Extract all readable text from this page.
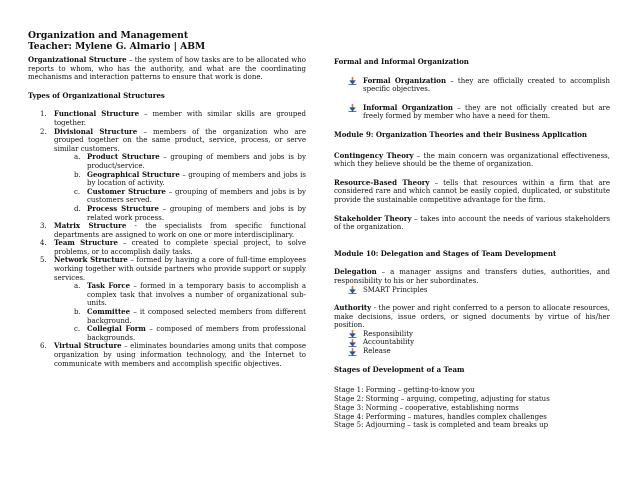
Organization and Management
Teacher: Mylene G. Almario | ABM

Organizational Structure – the system of how tasks are to be allocated who reports to whom, who has the authority, and what are the coordinating mechanisms and interaction patterns to ensure that work is done.

Types of Organizational Structures
1. Functional Structure – member with similar skills are grouped together.
2. Divisional Structure – members of the organization who are grouped together on the same product, service, process, or serve similar customers.
a. Product Structure – grouping of members and jobs is by product/service.
b. Geographical Structure – grouping of members and jobs is by location of activity.
c. Customer Structure – grouping of members and jobs is by customers served.
d. Process Structure – grouping of members and jobs is by related work process.
3. Matrix Structure - the specialists from specific functional departments are assigned to work on one or more interdisciplinary.
4. Team Structure – created to complete special project, to solve problems, or to accomplish daily tasks.
5. Network Structure – formed by having a core of full-time employees working together with outside partners who provide support or supply services.
a. Task Force – formed in a temporary basis to accomplish a complex task that involves a number of organizational sub-units.
b. Committee – it composed selected members from different background.
c. Collegial Form – composed of members from professional backgrounds.
6. Virtual Structure – eliminates boundaries among units that compose organization by using information technology, and the Internet to communicate with members and accomplish specific objectives.
Formal and Informal Organization
Formal Organization – they are officially created to accomplish specific objectives.
Informal Organization – they are not officially created but are freely formed by member who have a need for them.
Module 9: Organization Theories and their Business Application

Contingency Theory – the main concern was organizational effectiveness, which they believe should be the theme of organization.

Resource-Based Theory – tells that resources within a firm that are considered rare and which cannot be easily copied, duplicated, or substitute provide the sustainable competitive advantage for the firm.

Stakeholder Theory – takes into account the needs of various stakeholders of the organization.

Module 10: Delegation and Stages of Team Development

Delegation – a manager assigns and transfers duties, authorities, and responsibility to his or her subordinates.

SMART Principles

Authority - the power and right conferred to a person to allocate resources, make decisions, issue orders, or signed documents by virtue of his/her position.

Responsibility
Accountability
Release
Stages of Development of a Team
Stage 1: Forming – getting-to-know you
Stage 2: Storming – arguing, competing, adjusting for status
Stage 3: Norming – cooperative, establishing norms
Stage 4: Performing – matures, handles complex challenges
Stage 5: Adjourning – task is completed and team breaks up
